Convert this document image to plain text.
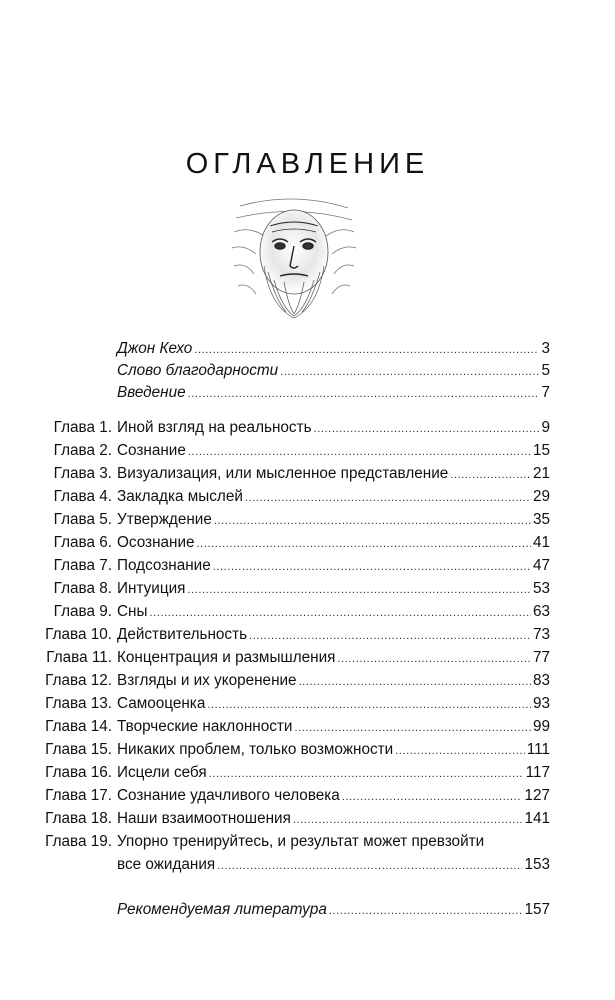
ОГЛАВЛЕНИЕ
Джон Кехо .....	3
Слово благодарности .....	5
Введение .....	7
Глава 1. Иной взгляд на реальность .....	9
Глава 2. Сознание .....	15
Глава 3. Визуализация, или мысленное представление .....	21
Глава 4. Закладка мыслей .....	29
Глава 5. Утверждение .....	35
Глава 6. Осознание .....	41
Глава 7. Подсознание .....	47
Глава 8. Интуиция .....	53
Глава 9. Сны .....	63
Глава 10. Действительность .....	73
Глава 11. Концентрация и размышления .....	77
Глава 12. Взгляды и их укоренение .....	83
Глава 13. Самооценка .....	93
Глава 14. Творческие наклонности .....	99
Глава 15. Никаких проблем, только возможности .....	111
Глава 16. Исцели себя .....	117
Глава 17. Сознание удачливого человека .....	127
Глава 18. Наши взаимоотношения .....	141
Глава 19. Упорно тренируйтесь, и результат может превзойти
все ожидания .....	153
Рекомендуемая литература .....	157
